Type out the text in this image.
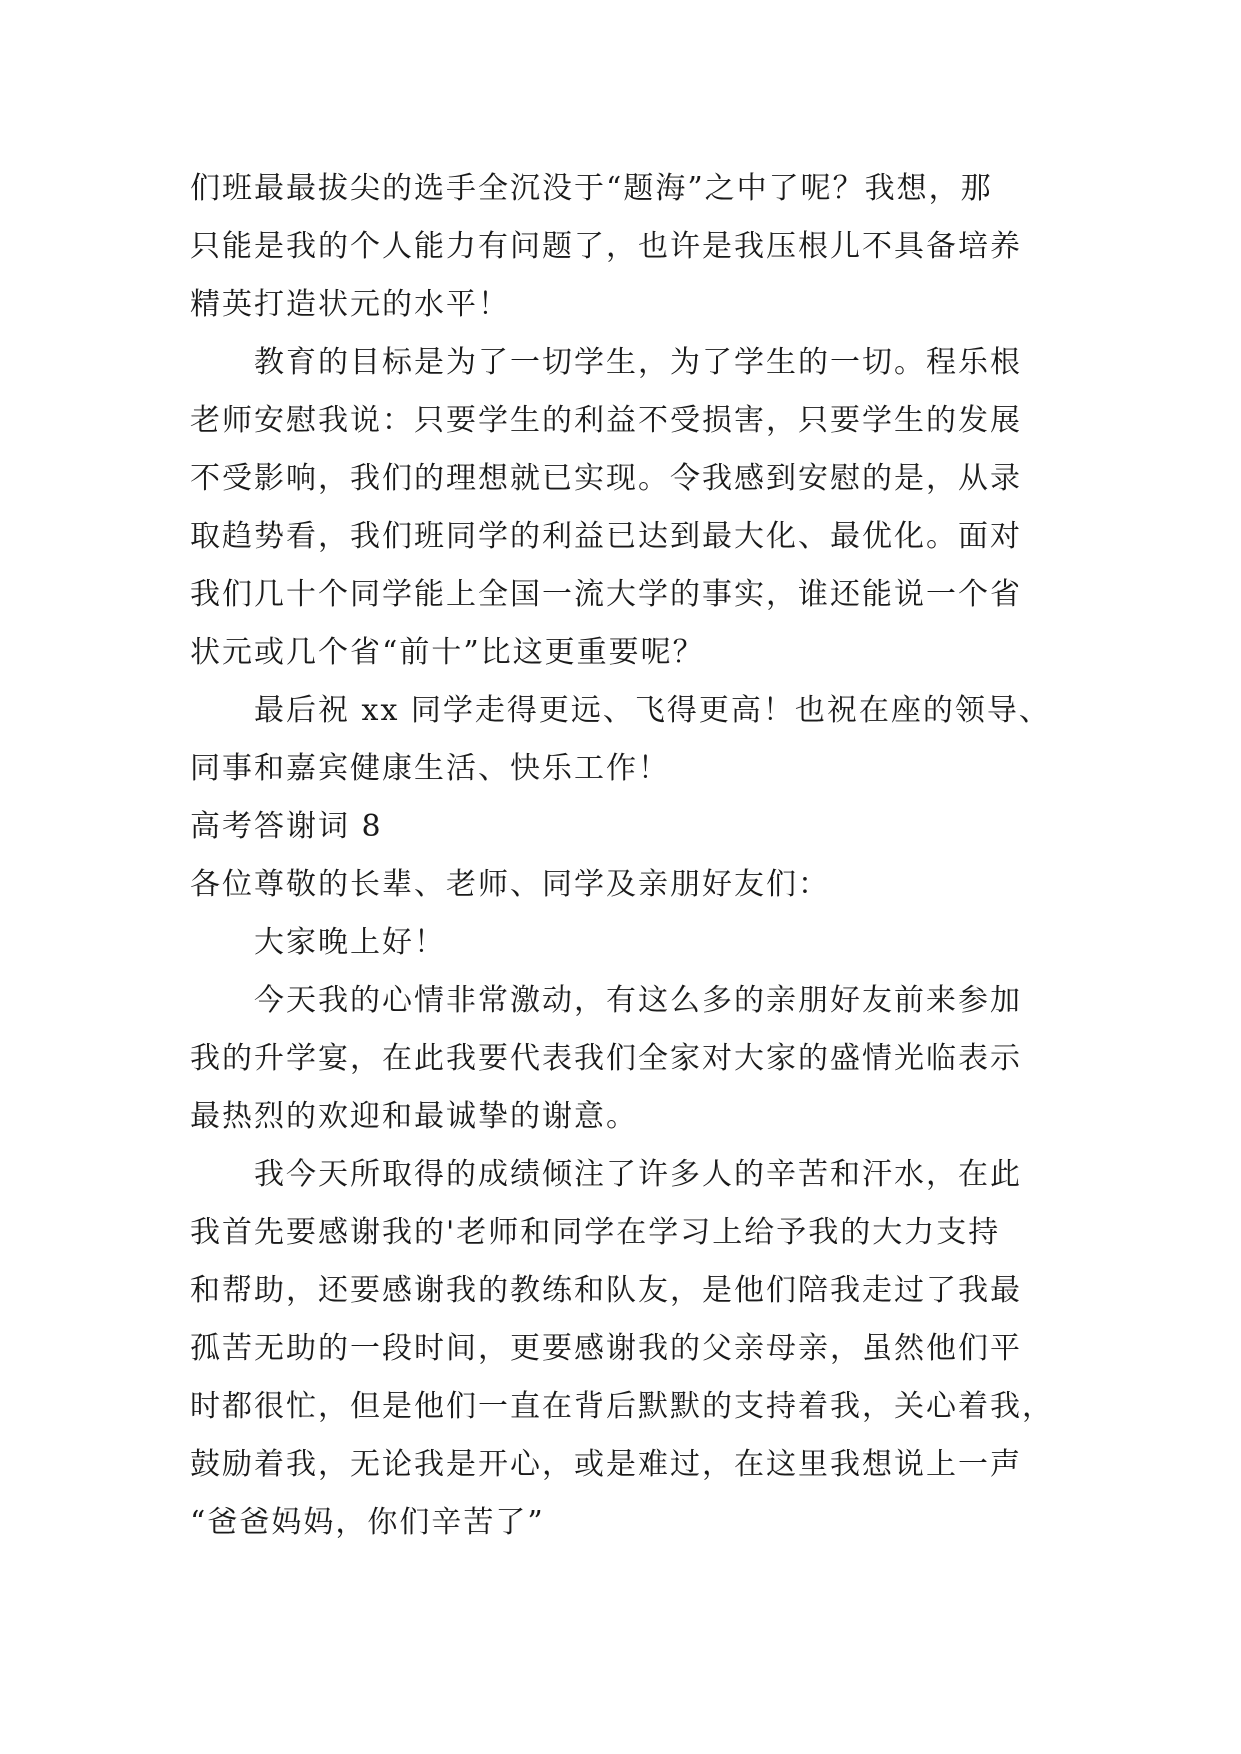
们班最最拔尖的选手全沉没于“题海”之中了呢？我想，那
只能是我的个人能力有问题了，也许是我压根儿不具备培养
精英打造状元的水平！
教育的目标是为了一切学生，为了学生的一切。程乐根
老师安慰我说：只要学生的利益不受损害，只要学生的发展
不受影响，我们的理想就已实现。令我感到安慰的是，从录
取趋势看，我们班同学的利益已达到最大化、最优化。面对
我们几十个同学能上全国一流大学的事实，谁还能说一个省
状元或几个省“前十”比这更重要呢？
最后祝 xx 同学走得更远、飞得更高！也祝在座的领导、
同事和嘉宾健康生活、快乐工作！
高考答谢词 8
各位尊敬的长辈、老师、同学及亲朋好友们：
大家晚上好！
今天我的心情非常激动，有这么多的亲朋好友前来参加
我的升学宴，在此我要代表我们全家对大家的盛情光临表示
最热烈的欢迎和最诚挚的谢意。
我今天所取得的成绩倾注了许多人的辛苦和汗水，在此
我首先要感谢我的'老师和同学在学习上给予我的大力支持
和帮助，还要感谢我的教练和队友，是他们陪我走过了我最
孤苦无助的一段时间，更要感谢我的父亲母亲，虽然他们平
时都很忙，但是他们一直在背后默默的支持着我，关心着我，
鼓励着我，无论我是开心，或是难过，在这里我想说上一声
“爸爸妈妈，你们辛苦了”
